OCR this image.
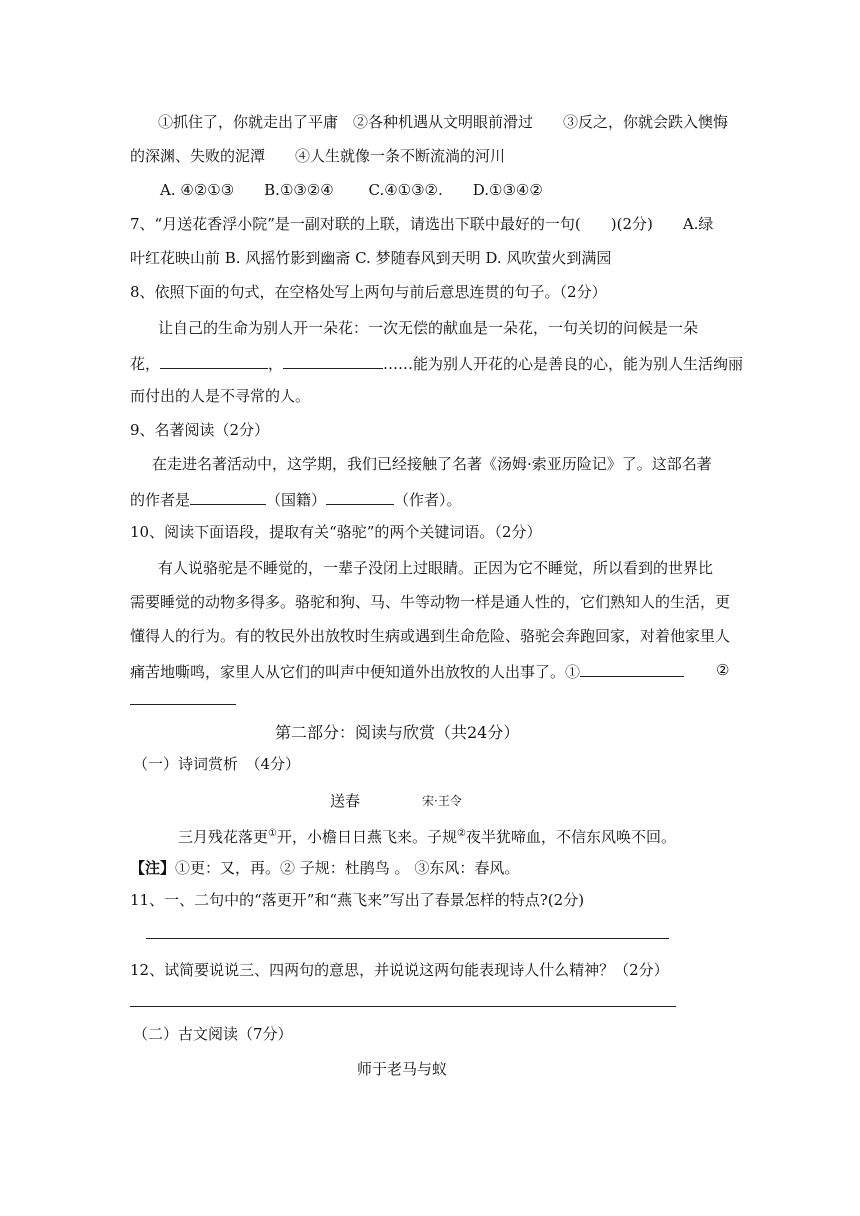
①抓住了，你就走出了平庸　②各种机遇从文明眼前滑过　　③反之，你就会跌入懊悔
的深渊、失败的泥潭　　④人生就像一条不断流淌的河川
A. ④②①③　　B.①③②④　　 C.④①③②.　　D.①③④②
7、“月送花香浮小院”是一副对联的上联，请选出下联中最好的一句(　　)(2分)　　A.绿
叶红花映山前 B. 风摇竹影到幽斋 C. 梦随春风到天明 D. 风吹萤火到满园
8、依照下面的句式，在空格处写上两句与前后意思连贯的句子。（2分）
让自己的生命为别人开一朵花：一次无偿的献血是一朵花，一句关切的问候是一朵
花，	，	……能为别人开花的心是善良的心，能为别人生活绚丽
而付出的人是不寻常的人。
9、名著阅读（2分）
在走进名著活动中，这学期，我们已经接触了名著《汤姆·索亚历险记》了。这部名著
的作者是	（国籍）	（作者）。
10、阅读下面语段，提取有关“骆驼”的两个关键词语。（2分）
有人说骆驼是不睡觉的，一辈子没闭上过眼睛。正因为它不睡觉，所以看到的世界比
需要睡觉的动物多得多。骆驼和狗、马、牛等动物一样是通人性的，它们熟知人的生活，更
懂得人的行为。有的牧民外出放牧时生病或遇到生命危险、骆驼会奔跑回家，对着他家里人
痛苦地嘶鸣，家里人从它们的叫声中便知道外出放牧的人出事了。①	②
第二部分：阅读与欣赏（共24分）
（一）诗词赏析　（4分）
送春	宋·王令
三月残花落更①开，小檐日日燕飞来。子规②夜半犹啼血，不信东风唤不回。
【注】①更：又，再。② 子规：杜鹃鸟 。 ③东风：春风。
11、一、二句中的“落更开”和“燕飞来”写出了春景怎样的特点?(2分)
12、试简要说说三、四两句的意思，并说说这两句能表现诗人什么精神？（2分）
（二）古文阅读（7分）
师于老马与蚁
